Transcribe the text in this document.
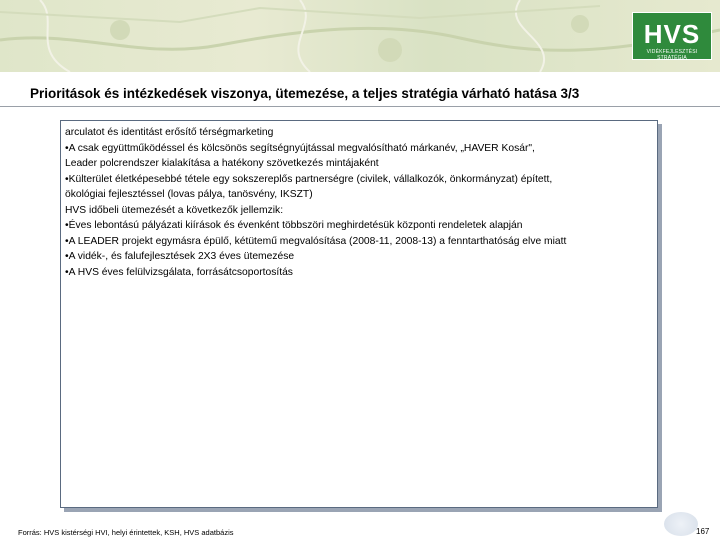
HVS
VIDÉKFEJLESZTÉSI STRATÉGIA
Prioritások és intézkedések viszonya, ütemezése, a teljes stratégia várható hatása 3/3
arculatot és identitást erősítő térségmarketing
•A csak együttműködéssel és kölcsönös segítségnyújtással megvalósítható márkanév, „HAVER Kosár",
Leader polcrendszer kialakítása a hatékony szövetkezés mintájaként
•Külterület életképesebbé tétele egy sokszereplős partnerségre (civilek, vállalkozók, önkormányzat) épített,
ökológiai fejlesztéssel (lovas pálya, tanösvény, IKSZT)
HVS időbeli ütemezését a következők jellemzik:
•Éves lebontású pályázati kiírások és évenként többszöri meghirdetésük központi rendeletek alapján
•A LEADER projekt egymásra épülő, kétütemű megvalósítása (2008-11, 2008-13) a fenntarthatóság elve miatt
•A vidék-, és falufejlesztések 2X3 éves ütemezése
•A HVS éves felülvizsgálata, forrásátcsoportosítás
Forrás: HVS kistérségi HVI, helyi érintettek, KSH, HVS adatbázis	167
